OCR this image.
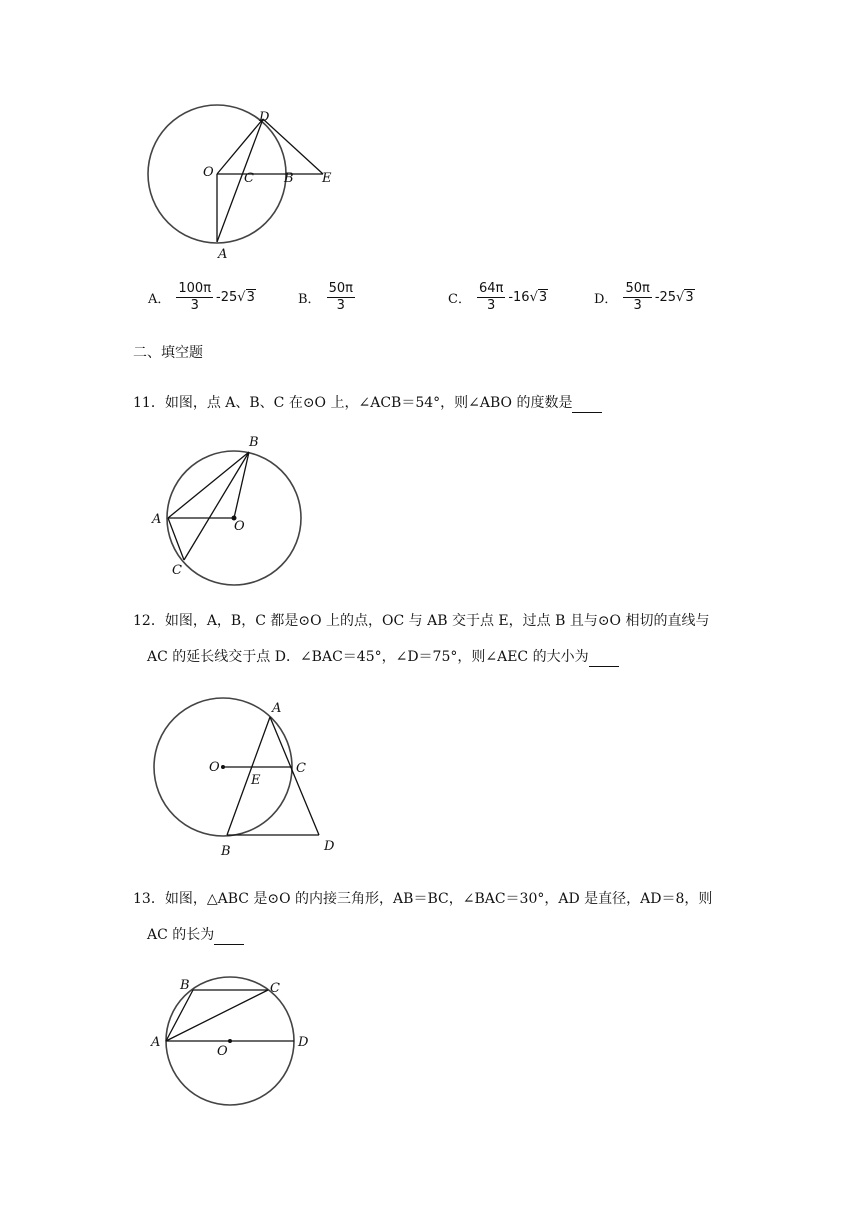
D
O C B E
A
A． $\frac{100\pi}{3} -25$ √3	B． $\frac{50\pi}{3}$	C． $\frac{64\pi}{3} -16$ √3	D． $\frac{50\pi}{3} -25$ √3
二、填空题
11．如图，点 A、B、C 在⊙O 上，∠ACB＝54°，则∠ABO 的度数是
B
A	O
C
12．如图，A，B，C 都是⊙O 上的点，OC 与 AB 交于点 E，过点 B 且与⊙O 相切的直线与
AC 的延长线交于点 D．∠BAC＝45°，∠D＝75°，则∠AEC 的大小为
A
O
E
C
B	D
13．如图，△ABC 是⊙O 的内接三角形，AB＝BC，∠BAC＝30°，AD 是直径，AD＝8，则
AC 的长为
B	C
A
O
D
